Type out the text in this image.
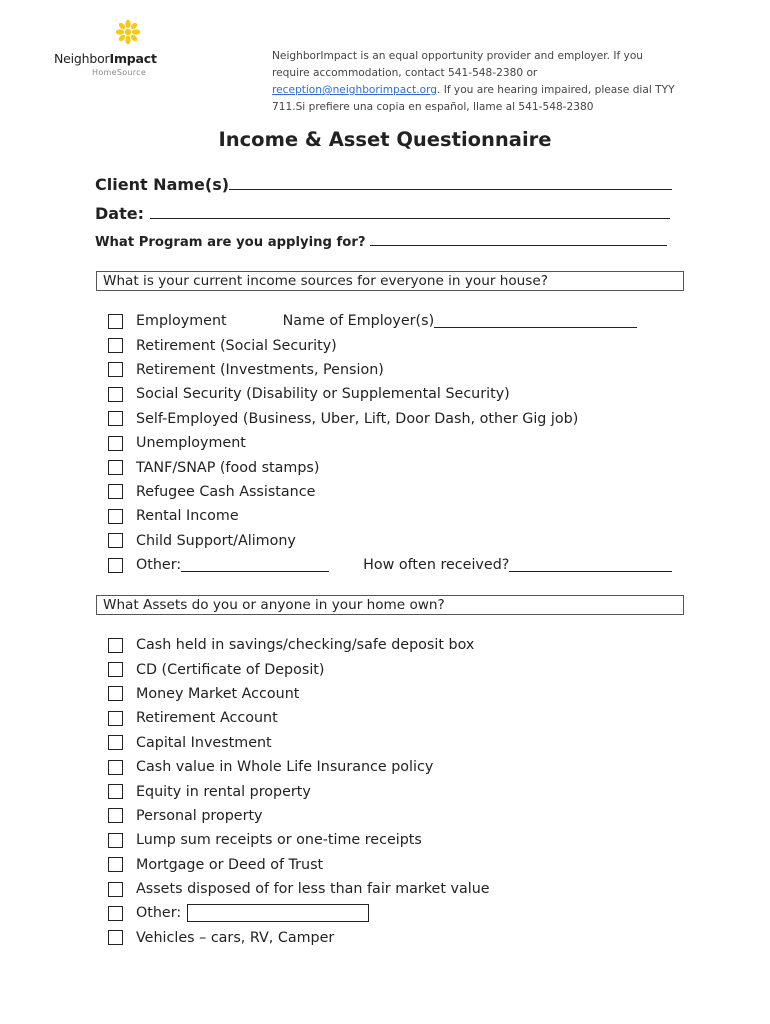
NeighborImpact
HomeSource
NeighborImpact is an equal opportunity provider and employer. If you require accommodation, contact 541-548-2380 or reception@neighborimpact.org. If you are hearing impaired, please dial TYY 711.Si prefiere una copia en español, llame al 541-548-2380
Income & Asset Questionnaire
Client Name(s)
Date:
What Program are you applying for?
What is your current income sources for everyone in your house?
Employment	Name of Employer(s)
Retirement (Social Security)
Retirement (Investments, Pension)
Social Security (Disability or Supplemental Security)
Self-Employed (Business, Uber, Lift, Door Dash, other Gig job)
Unemployment
TANF/SNAP (food stamps)
Refugee Cash Assistance
Rental Income
Child Support/Alimony
Other:	How often received?
What Assets do you or anyone in your home own?
Cash held in savings/checking/safe deposit box
CD (Certificate of Deposit)
Money Market Account
Retirement Account
Capital Investment
Cash value in Whole Life Insurance policy
Equity in rental property
Personal property
Lump sum receipts or one-time receipts
Mortgage or Deed of Trust
Assets disposed of for less than fair market value
Other:
Vehicles – cars, RV, Camper
